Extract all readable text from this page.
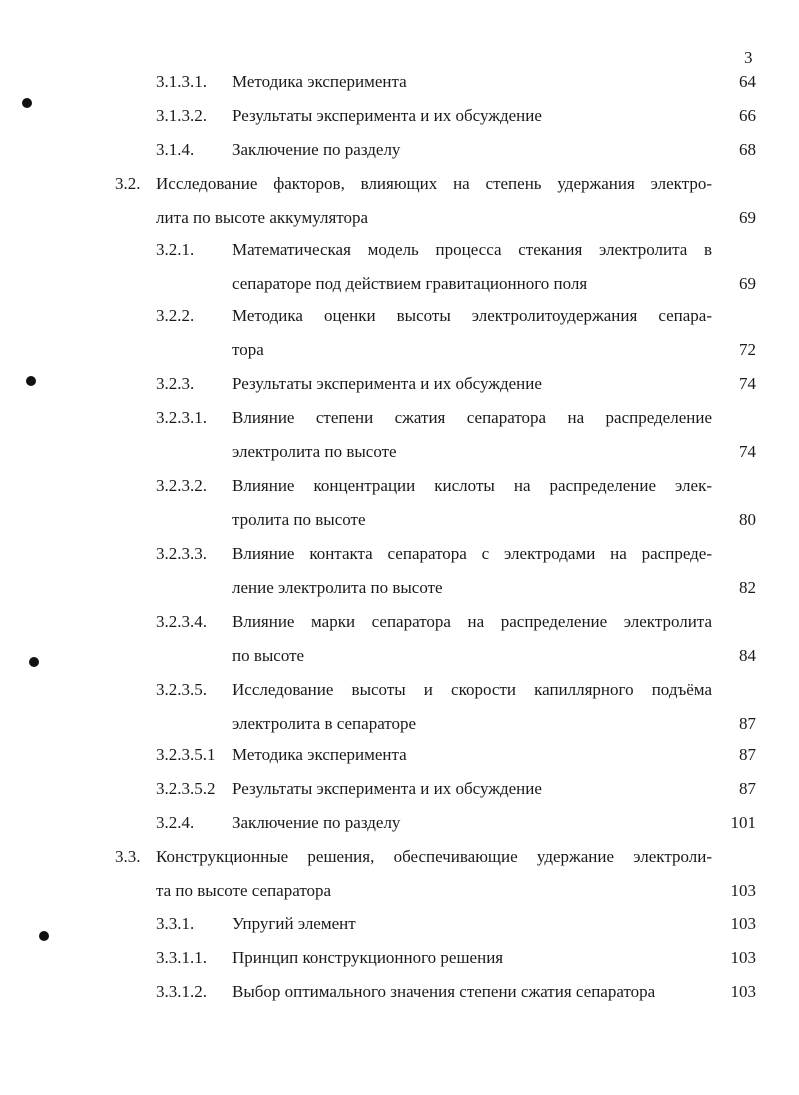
3
3.1.3.1. Методика эксперимента	64
3.1.3.2. Результаты эксперимента и их обсуждение	66
3.1.4. Заключение по разделу	68
3.2. Исследование факторов, влияющих на степень удержания электро-
лита по высоте аккумулятора	69
3.2.1. Математическая модель процесса стекания электролита в
сепараторе под действием гравитационного поля	69
3.2.2. Методика оценки высоты электролитоудержания сепара-
тора	72
3.2.3. Результаты эксперимента и их обсуждение	74
3.2.3.1. Влияние степени сжатия сепаратора на распределение
электролита по высоте	74
3.2.3.2. Влияние концентрации кислоты на распределение элек-
тролита по высоте	80
3.2.3.3. Влияние контакта сепаратора с электродами на распреде-
ление электролита по высоте	82
3.2.3.4. Влияние марки сепаратора на распределение электролита
по высоте	84
3.2.3.5. Исследование высоты и скорости капиллярного подъёма
электролита в сепараторе	87
3.2.3.5.1 Методика эксперимента	87
3.2.3.5.2 Результаты эксперимента и их обсуждение	87
3.2.4. Заключение по разделу	101
3.3. Конструкционные решения, обеспечивающие удержание электроли-
та по высоте сепаратора	103
3.3.1. Упругий элемент	103
3.3.1.1. Принцип конструкционного решения	103
3.3.1.2. Выбор оптимального значения степени сжатия сепаратора	103
